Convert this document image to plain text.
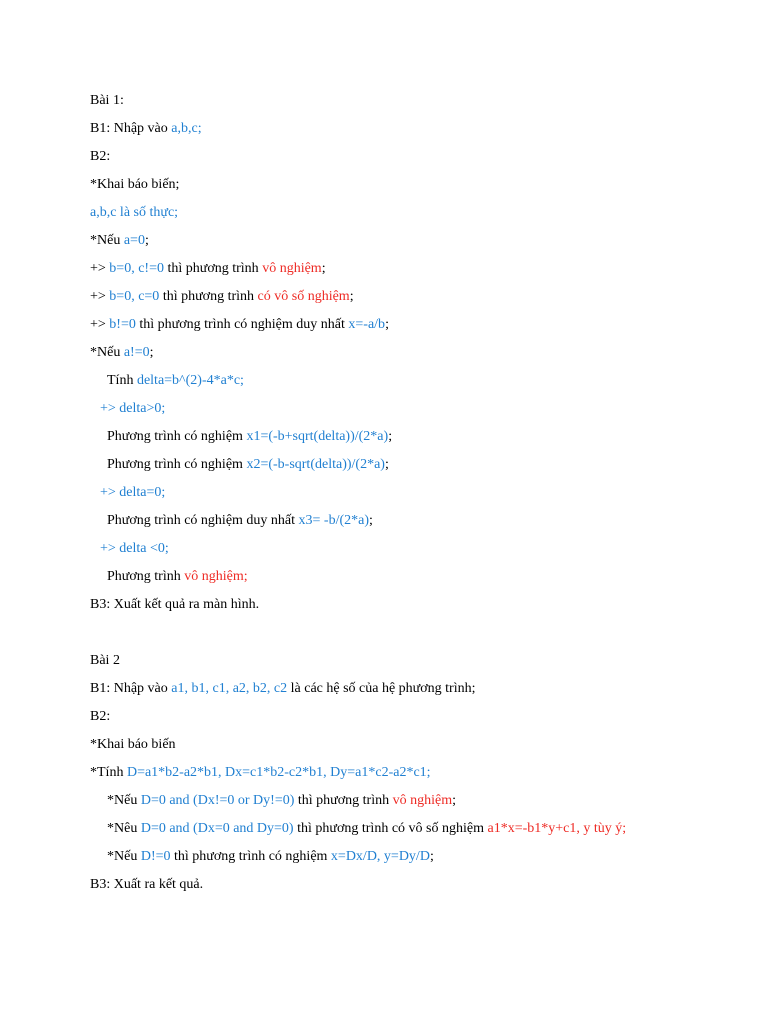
Bài 1:
B1: Nhập vào a,b,c;
B2:
*Khai báo biến;
a,b,c là số thực;
*Nếu a=0;
+> b=0, c!=0 thì phương trình vô nghiệm;
+> b=0, c=0 thì phương trình có vô số nghiệm;
+> b!=0 thì phương trình có nghiệm duy nhất x=-a/b;
*Nếu a!=0;
Tính delta=b^(2)-4*a*c;
+> delta>0;
Phương trình có nghiệm x1=(-b+sqrt(delta))/(2*a);
Phương trình có nghiệm x2=(-b-sqrt(delta))/(2*a);
+> delta=0;
Phương trình có nghiệm duy nhất x3= -b/(2*a);
+> delta <0;
Phương trình vô nghiệm;
B3: Xuất kết quả ra màn hình.
Bài 2
B1: Nhập vào a1, b1, c1, a2, b2, c2 là các hệ số của hệ phương trình;
B2:
*Khai báo biến
*Tính D=a1*b2-a2*b1, Dx=c1*b2-c2*b1, Dy=a1*c2-a2*c1;
*Nếu D=0 and (Dx!=0 or Dy!=0) thì phương trình vô nghiệm;
*Nêu D=0 and (Dx=0 and Dy=0) thì phương trình có vô số nghiệm a1*x=-b1*y+c1, y tùy ý;
*Nếu D!=0 thì phương trình có nghiệm x=Dx/D, y=Dy/D;
B3: Xuất ra kết quả.
